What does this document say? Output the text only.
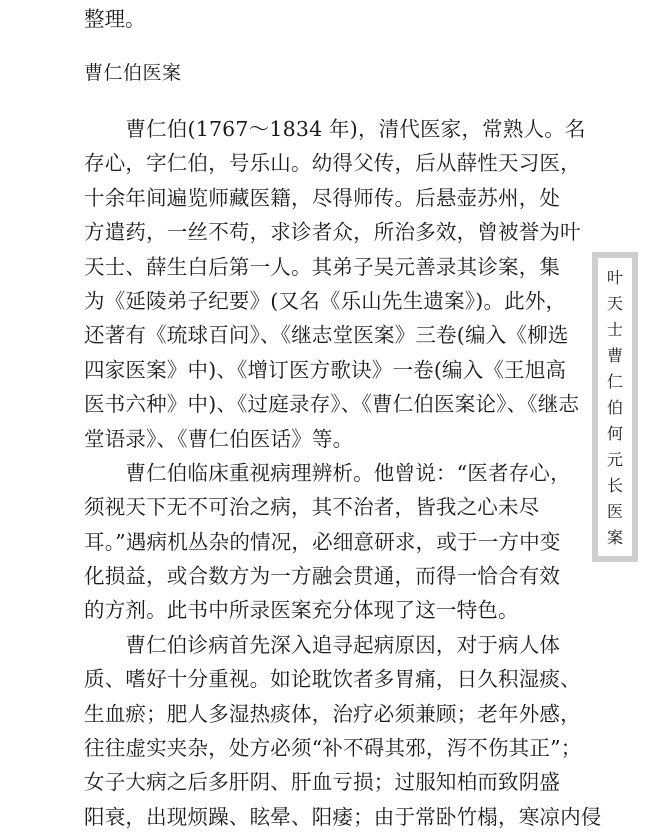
整理。
曹仁伯医案
　　曹仁伯(1767～1834 年)，清代医家，常熟人。名
存心，字仁伯，号乐山。幼得父传，后从薛性天习医，
十余年间遍览师藏医籍，尽得师传。后悬壶苏州，处
方遣药，一丝不苟，求诊者众，所治多效，曾被誉为叶
天士、薛生白后第一人。其弟子吴元善录其诊案，集
为《延陵弟子纪要》(又名《乐山先生遗案》)。此外，
还著有《琉球百问》、《继志堂医案》三卷(编入《柳选
四家医案》中)、《增订医方歌诀》一卷(编入《王旭高
医书六种》中)、《过庭录存》、《曹仁伯医案论》、《继志
堂语录》、《曹仁伯医话》等。
　　曹仁伯临床重视病理辨析。他曾说：“医者存心，
须视天下无不可治之病，其不治者，皆我之心未尽
耳。”遇病机丛杂的情况，必细意研求，或于一方中变
化损益，或合数方为一方融会贯通，而得一恰合有效
的方剂。此书中所录医案充分体现了这一特色。
　　曹仁伯诊病首先深入追寻起病原因，对于病人体
质、嗜好十分重视。如论耽饮者多胃痛，日久积湿痰、
生血瘀；肥人多湿热痰体，治疗必须兼顾；老年外感，
往往虚实夹杂，处方必须“补不碍其邪，泻不伤其正”；
女子大病之后多肝阴、肝血亏损；过服知柏而致阴盛
阳衰，出现烦躁、眩晕、阳痿；由于常卧竹榻，寒凉内侵
叶
天
士
曹
仁
伯
何
元
长
医
案
